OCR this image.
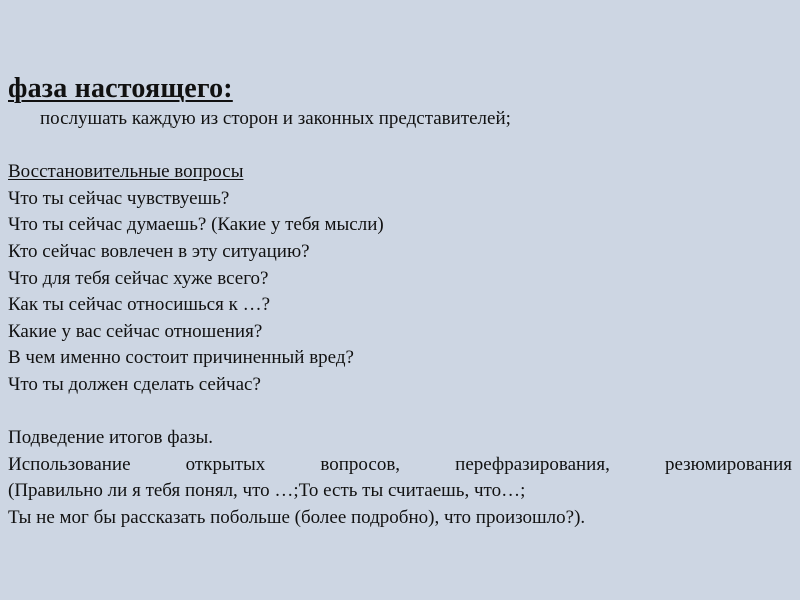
фаза настоящего:

послушать каждую из сторон и законных представителей;

Восстановительные вопросы

Что ты сейчас чувствуешь?

Что ты сейчас думаешь? (Какие у тебя мысли)

Кто сейчас вовлечен в эту ситуацию?

Что для тебя сейчас хуже всего?

Как ты сейчас относишься к …?

Какие у вас сейчас отношения?

В чем именно состоит причиненный вред?

Что ты должен сделать сейчас?

Подведение итогов фазы.

Использование открытых вопросов, перефразирования, резюмирования

(Правильно ли я тебя понял, что …;То есть ты считаешь, что…;

Ты не мог бы рассказать побольше (более подробно), что произошло?).
